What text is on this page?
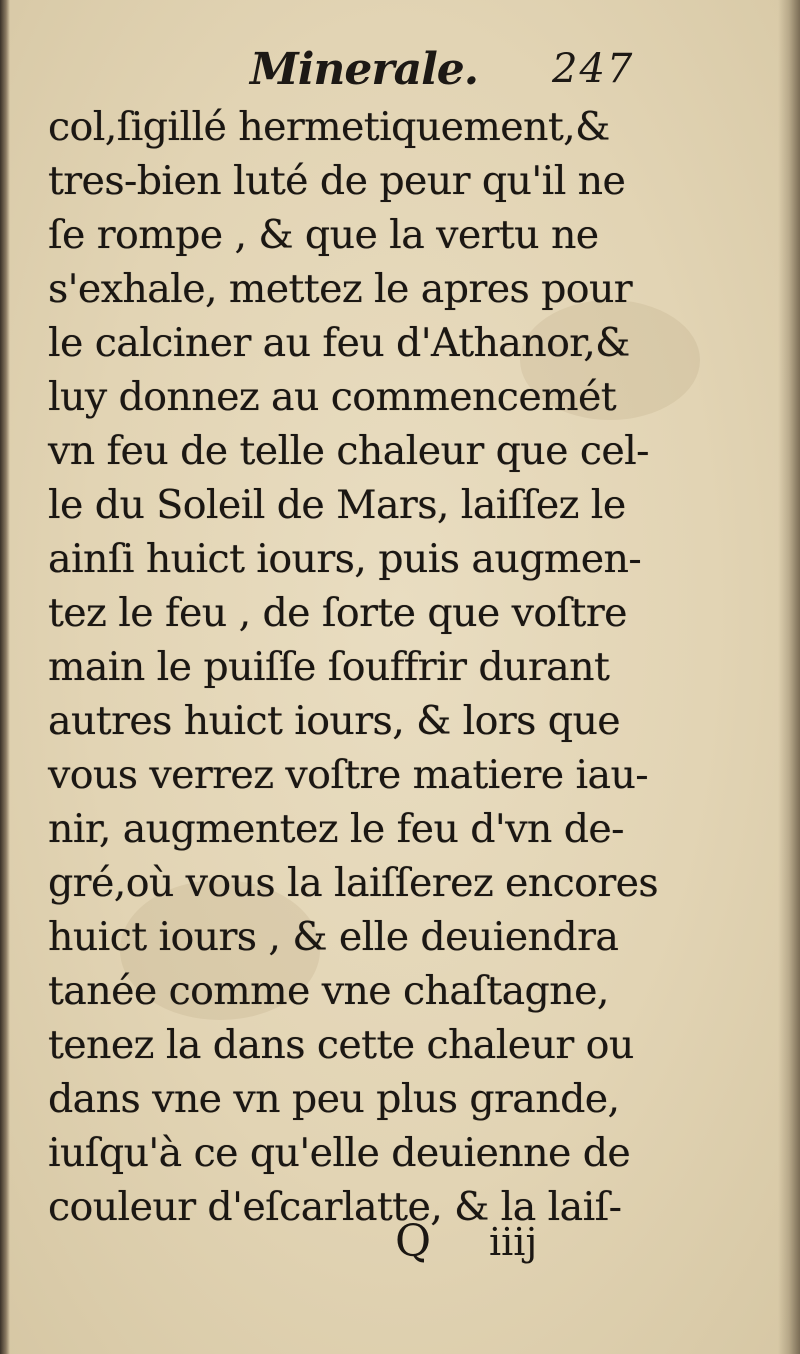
Minerale. 247
col,ſigillé hermetiquement,&
tres-bien luté de peur qu'il ne
ſe rompe , & que la vertu ne
s'exhale, mettez le apres pour
le calciner au feu d'Athanor,&
luy donnez au commencemét
vn feu de telle chaleur que cel-
le du Soleil de Mars, laiſſez le
ainſi huict iours, puis augmen-
tez le feu , de ſorte que voſtre
main le puiſſe ſouffrir durant
autres huict iours, & lors que
vous verrez voſtre matiere iau-
nir, augmentez le feu d'vn de-
gré,où vous la laiſſerez encores
huict iours , & elle deuiendra
tanée comme vne chaſtagne,
tenez la dans cette chaleur ou
dans vne vn peu plus grande,
iuſqu'à ce qu'elle deuienne de
couleur d'eſcarlatte, & la laiſ-
Q iiij
